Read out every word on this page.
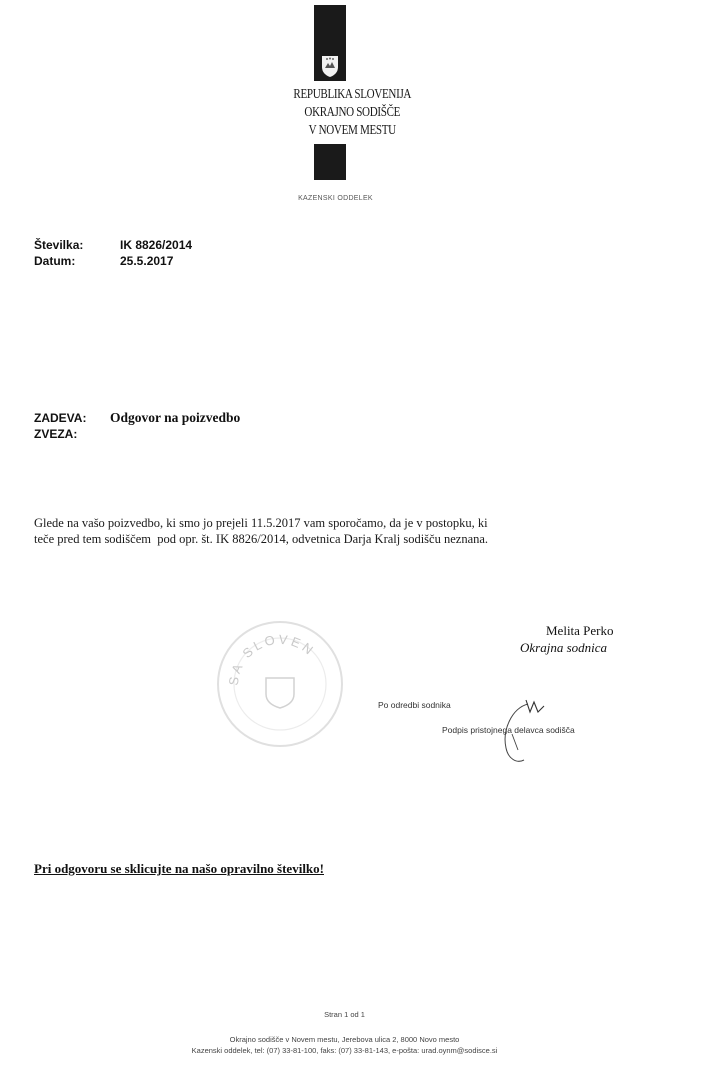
REPUBLIKA SLOVENIJA
OKRAJNO SODIŠČE
V NOVEM MESTU
KAZENSKI ODDELEK
Številka:	IK 8826/2014
Datum:	25.5.2017
ZADEVA: Odgovor na poizvedbo
ZVEZA:
Glede na vašo poizvedbo, ki smo jo prejeli 11.5.2017 vam sporočamo, da je v postopku, ki
teče pred tem sodiščem  pod opr. št. IK 8826/2014, odvetnica Darja Kralj sodišču neznana.
SA SLOVEN
Melita Perko
Okrajna sodnica
Po odredbi sodnika
Podpis pristojnega delavca sodišča
Pri odgovoru se sklicujte na našo opravilno številko!
Stran 1 od 1
Okrajno sodišče v Novem mestu, Jerebova ulica 2, 8000 Novo mesto
Kazenski oddelek, tel: (07) 33-81-100, faks: (07) 33-81-143, e-pošta: urad.oynm@sodisce.si
